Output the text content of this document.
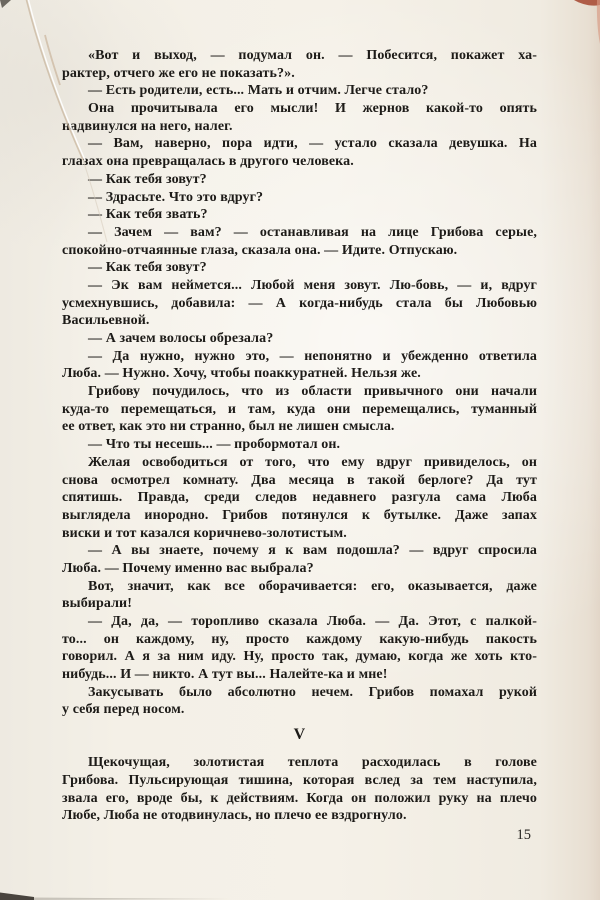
«Вот и выход, — подумал он. — Побесится, покажет ха-
рактер, отчего же его не показать?».
— Есть родители, есть... Мать и отчим. Легче стало?
Она прочитывала его мысли! И жернов какой-то опять
надвинулся на него, налег.
— Вам, наверно, пора идти, — устало сказала девушка. На
глазах она превращалась в другого человека.
— Как тебя зовут?
— Здрасьте. Что это вдруг?
— Как тебя звать?
— Зачем — вам? — останавливая на лице Грибова серые,
спокойно-отчаянные глаза, сказала она. — Идите. Отпускаю.
— Как тебя зовут?
— Эк вам неймется... Любой меня зовут. Лю-бовь, — и, вдруг
усмехнувшись, добавила: — А когда-нибудь стала бы Любовью
Васильевной.
— А зачем волосы обрезала?
— Да нужно, нужно это, — непонятно и убежденно ответила
Люба. — Нужно. Хочу, чтобы поаккуратней. Нельзя же.
Грибову почудилось, что из области привычного они начали
куда-то перемещаться, и там, куда они перемещались, туманный
ее ответ, как это ни странно, был не лишен смысла.
— Что ты несешь... — пробормотал он.
Желая освободиться от того, что ему вдруг привиделось, он
снова осмотрел комнату. Два месяца в такой берлоге? Да тут
спятишь. Правда, среди следов недавнего разгула сама Люба
выглядела инородно. Грибов потянулся к бутылке. Даже запах
виски и тот казался коричнево-золотистым.
— А вы знаете, почему я к вам подошла? — вдруг спросила
Люба. — Почему именно вас выбрала?
Вот, значит, как все оборачивается: его, оказывается, даже
выбирали!
— Да, да, — торопливо сказала Люба. — Да. Этот, с палкой-
то... он каждому, ну, просто каждому какую-нибудь пакость
говорил. А я за ним иду. Ну, просто так, думаю, когда же хоть кто-
нибудь... И — никто. А тут вы... Налейте-ка и мне!
Закусывать было абсолютно нечем. Грибов помахал рукой
у себя перед носом.
V
Щекочущая, золотистая теплота расходилась в голове
Грибова. Пульсирующая тишина, которая вслед за тем наступила,
звала его, вроде бы, к действиям. Когда он положил руку на плечо
Любе, Люба не отодвинулась, но плечо ее вздрогнуло.
15
